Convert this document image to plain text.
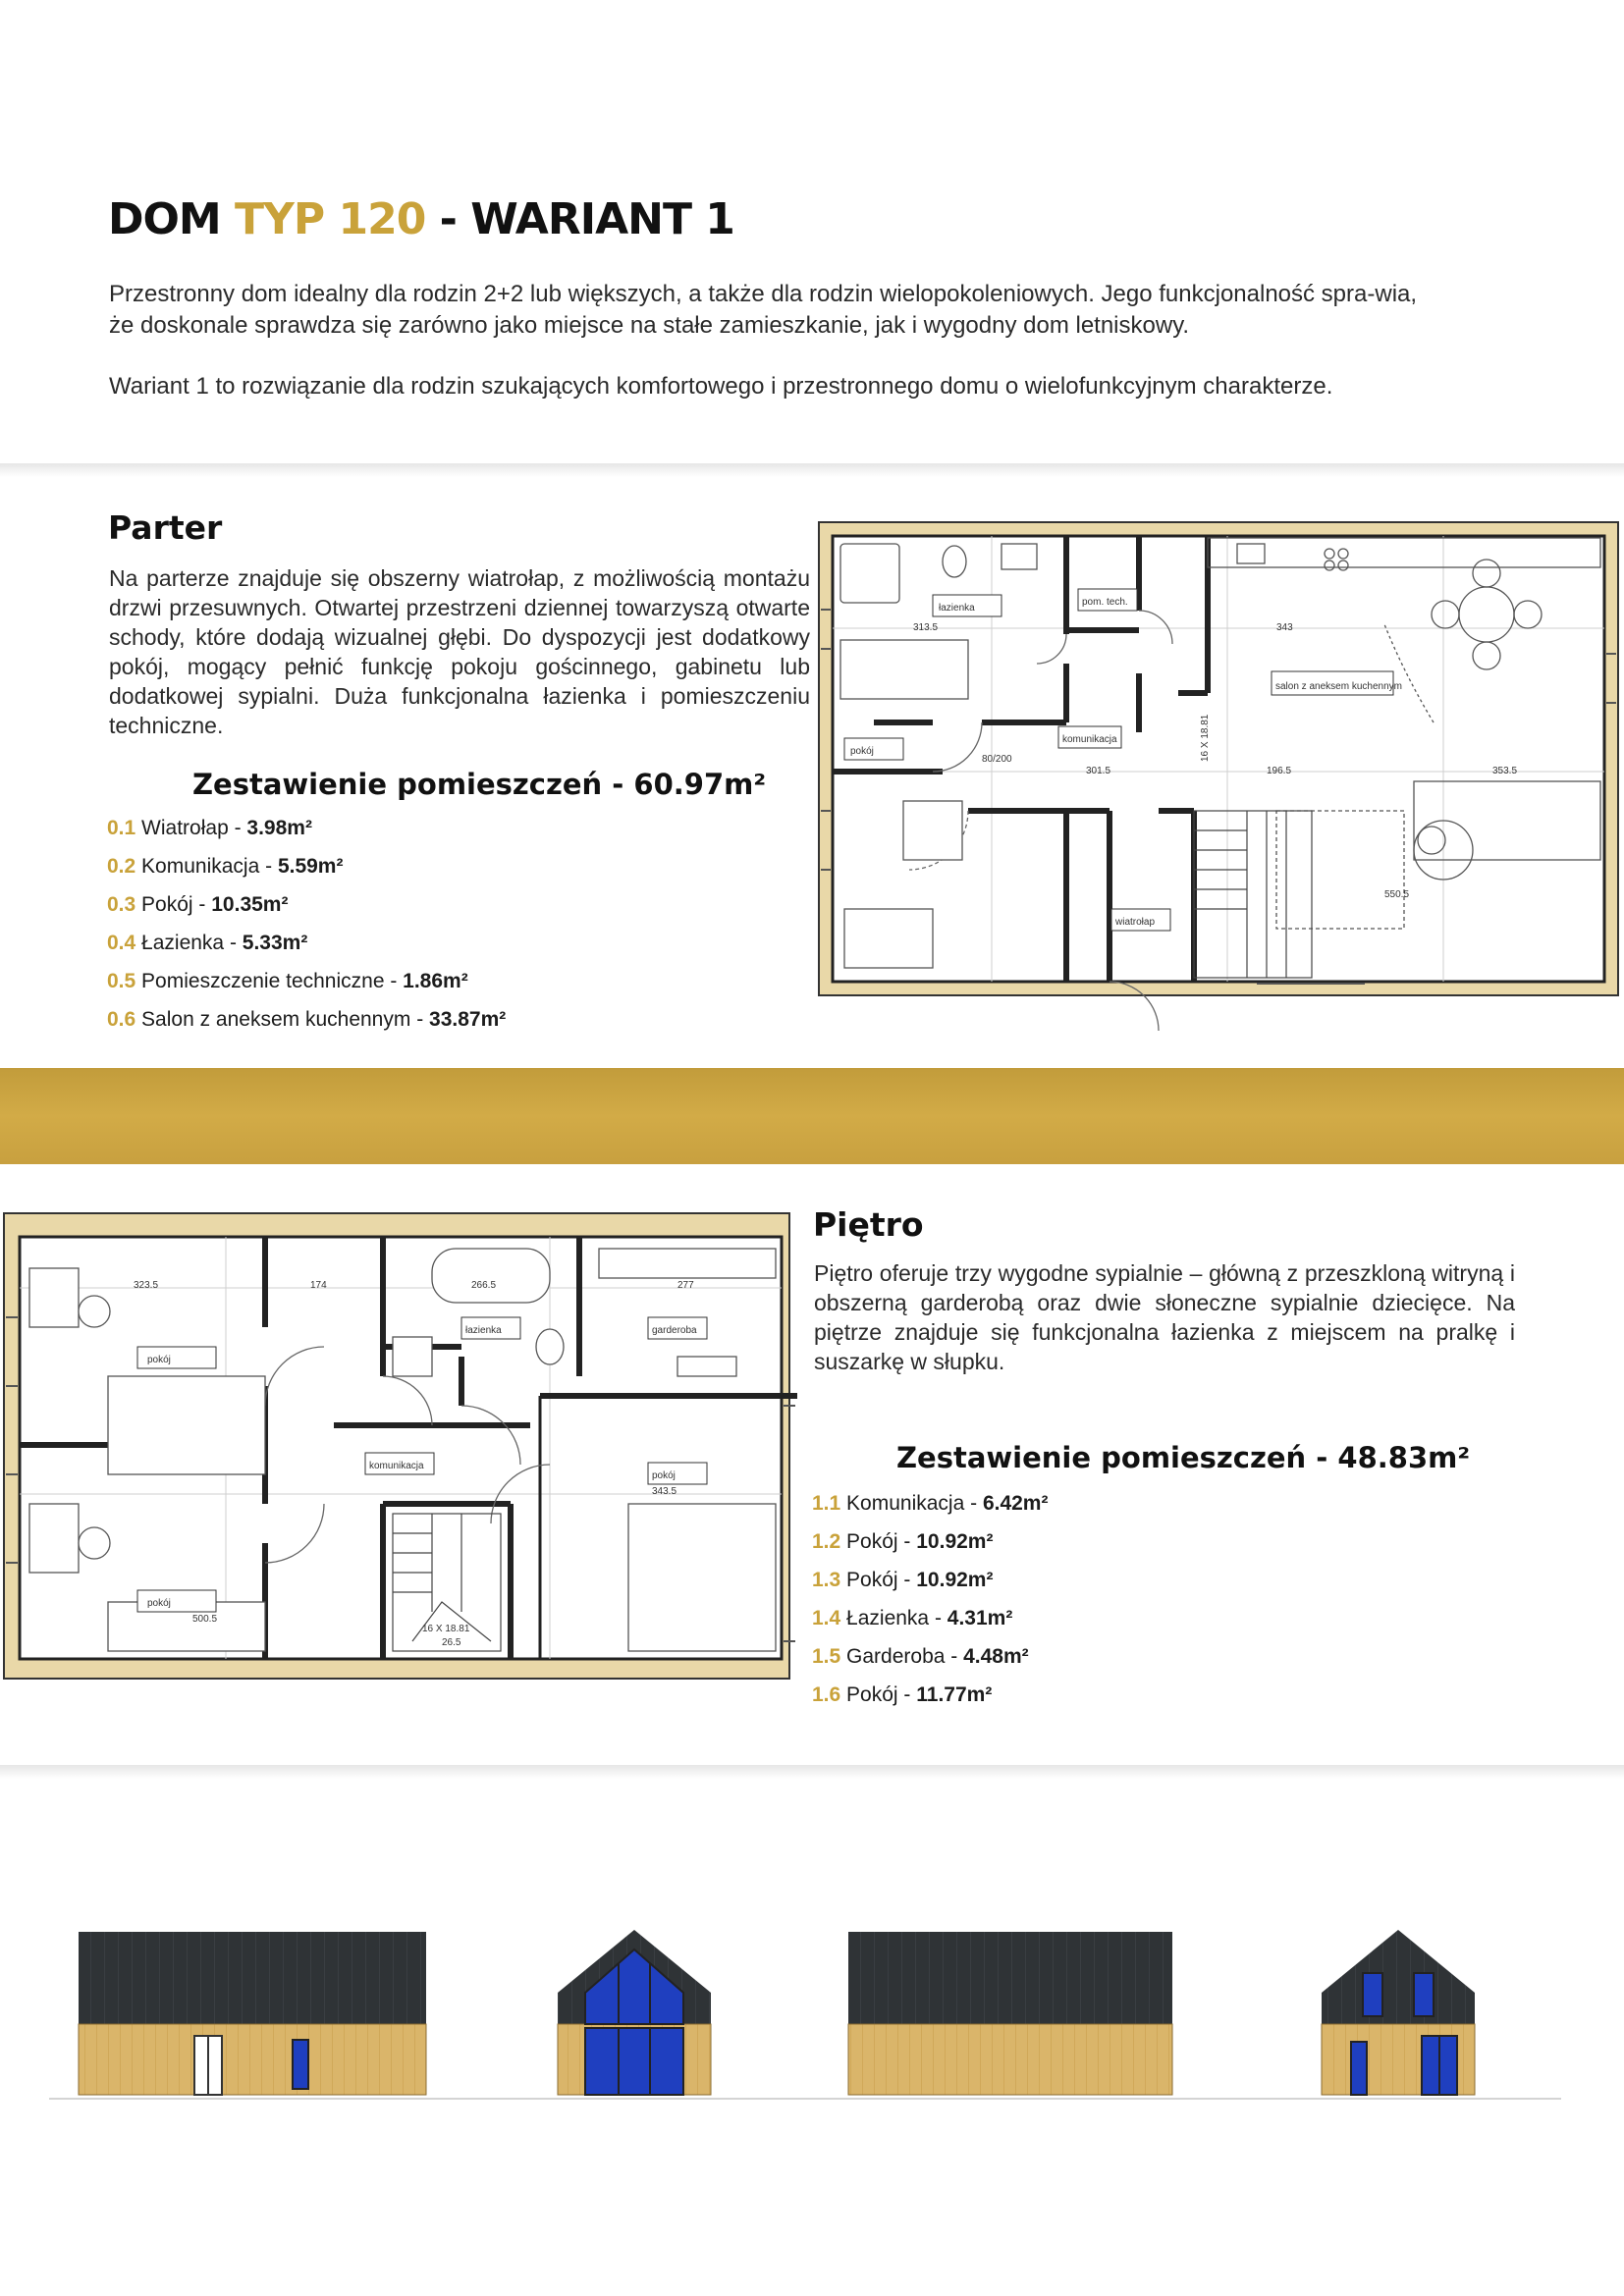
DOM TYP 120 - WARIANT 1
Przestronny dom idealny dla rodzin 2+2 lub większych, a także dla rodzin wielopokoleniowych. Jego funkcjonalność spra-wia, że doskonale sprawdza się zarówno jako miejsce na stałe zamieszkanie, jak i wygodny dom letniskowy.
Wariant 1 to rozwiązanie dla rodzin szukających komfortowego i przestronnego domu o wielofunkcyjnym charakterze.
Parter
Na parterze znajduje się obszerny wiatrołap, z możliwością montażu drzwi przesuwnych. Otwartej przestrzeni dziennej towarzyszą otwarte schody, które dodają wizualnej głębi. Do dyspozycji jest dodatkowy pokój, mogący pełnić funkcję pokoju gościnnego, gabinetu lub dodatkowej sypialni. Duża funkcjonalna łazienka i pomieszczeniu techniczne.
Zestawienie pomieszczeń - 60.97m²
0.1 Wiatrołap - 3.98m²
0.2 Komunikacja - 5.59m²
0.3 Pokój - 10.35m²
0.4 Łazienka - 5.33m²
0.5 Pomieszczenie techniczne - 1.86m²
0.6 Salon z aneksem kuchennym - 33.87m²
łazienka
pom. tech.
salon z aneksem kuchennym
pokój
komunikacja
wiatrołap
313.5	343
301.5	196.5
550.5
353.5
80/200	16 X 18.81
pokój
pokój
łazienka	garderoba
komunikacja
pokój
323.5	174	266.5	277
500.5
343.5
16 X 18.81
26.5
Piętro
Piętro oferuje trzy wygodne sypialnie – główną z przeszkloną witryną i obszerną garderobą oraz dwie słoneczne sypialnie dziecięce. Na piętrze znajduje się funkcjonalna łazienka z miejscem na pralkę i suszarkę w słupku.
Zestawienie pomieszczeń - 48.83m²
1.1 Komunikacja - 6.42m²
1.2 Pokój - 10.92m²
1.3 Pokój - 10.92m²
1.4 Łazienka - 4.31m²
1.5 Garderoba - 4.48m²
1.6 Pokój - 11.77m²
